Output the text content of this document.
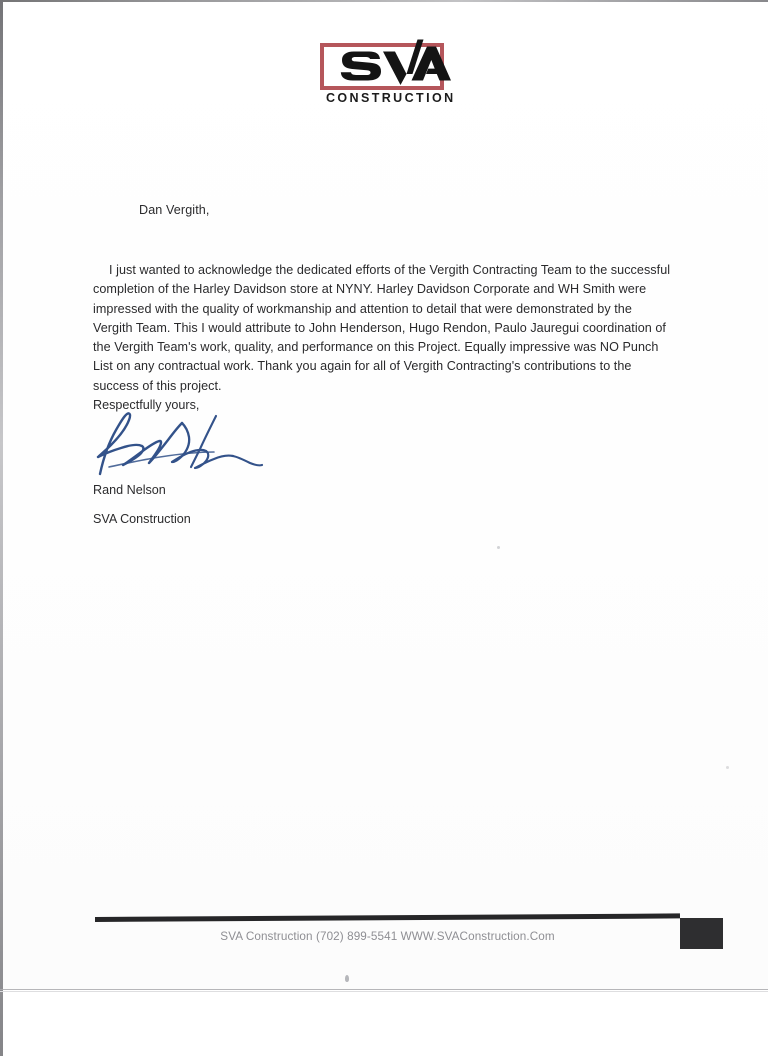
CONSTRUCTION
Dan Vergith,
I just wanted to acknowledge the dedicated efforts of the Vergith Contracting Team to the successful completion of the Harley Davidson store at NYNY. Harley Davidson Corporate and WH Smith were impressed with the quality of workmanship and attention to detail that were demonstrated by the Vergith Team. This I would attribute to John Henderson, Hugo Rendon, Paulo Jauregui coordination of the Vergith Team's work, quality, and performance on this Project. Equally impressive was NO Punch List on any contractual work. Thank you again for all of Vergith Contracting's contributions to the success of this project.
Respectfully yours,
Rand Nelson
SVA Construction
SVA Construction (702) 899-5541 WWW.SVAConstruction.Com
